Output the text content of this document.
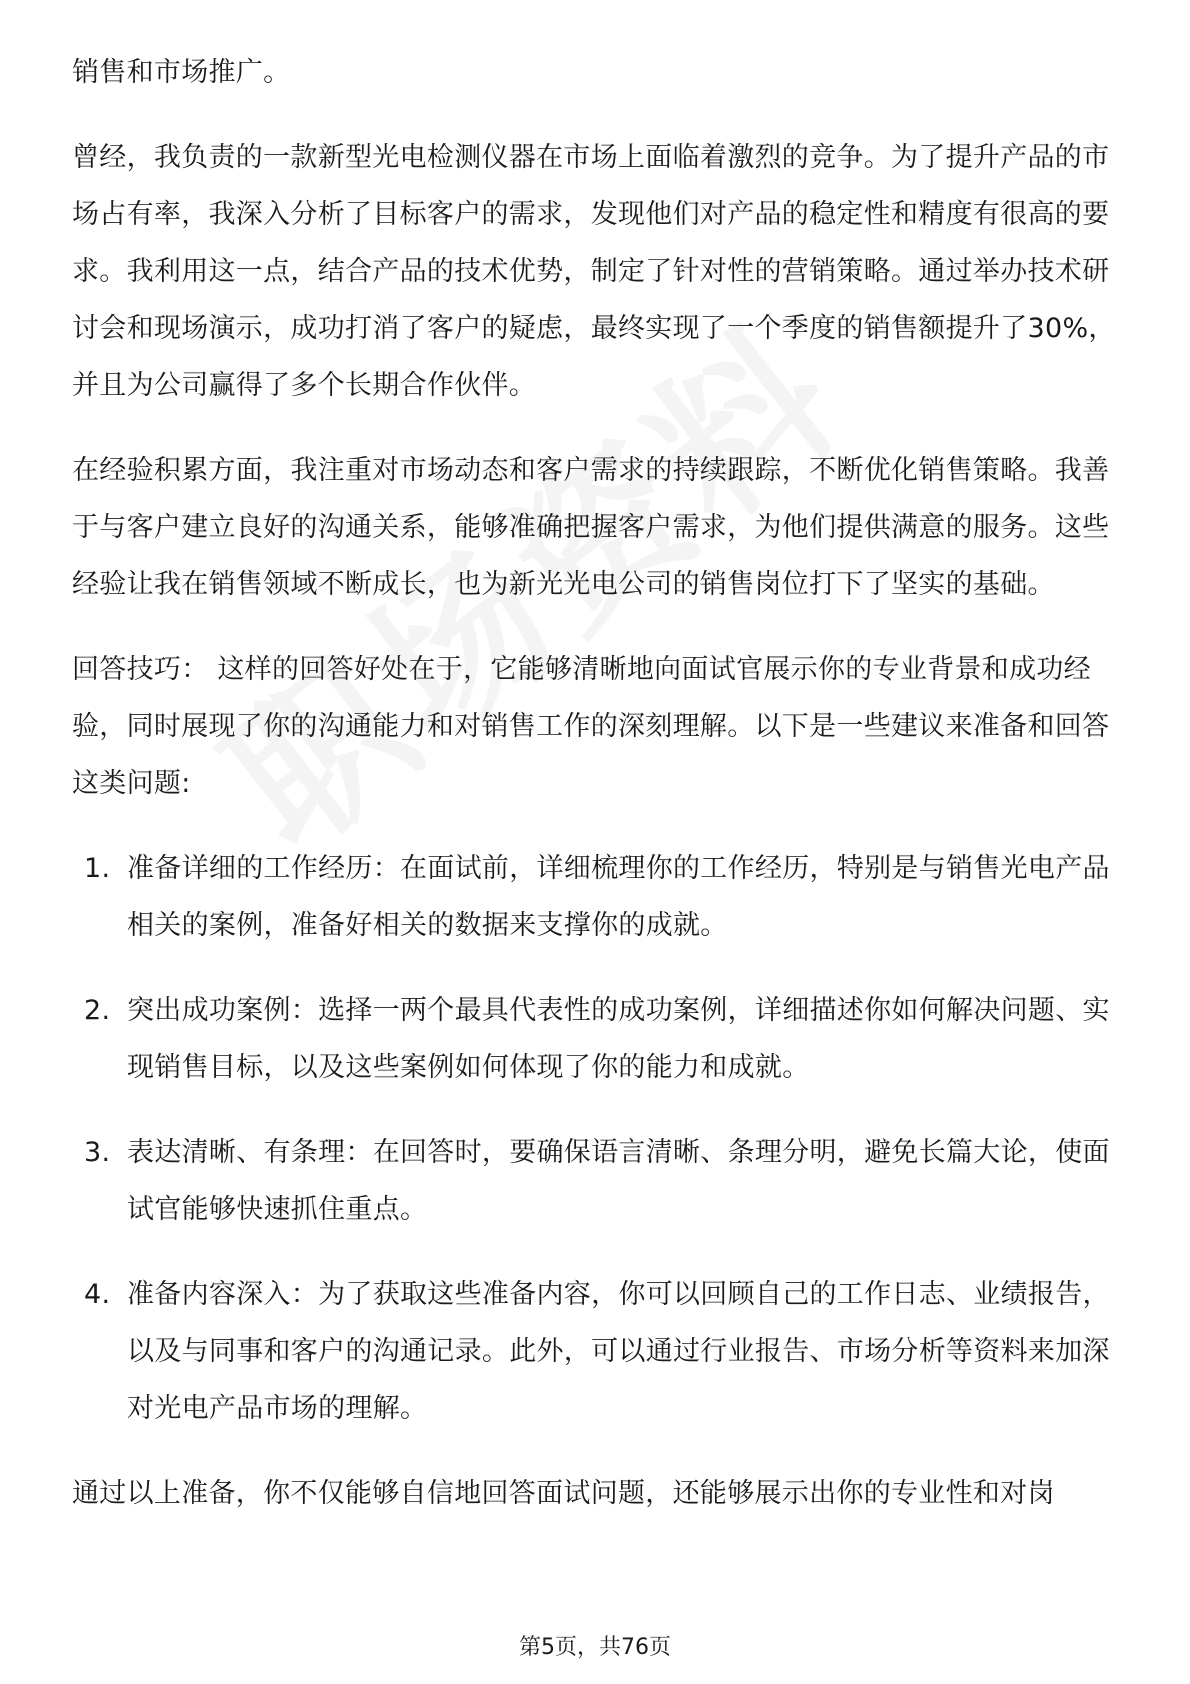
销售和市场推广。

曾经，我负责的一款新型光电检测仪器在市场上面临着激烈的竞争。为了提升产品的市场占有率，我深入分析了目标客户的需求，发现他们对产品的稳定性和精度有很高的要求。我利用这一点，结合产品的技术优势，制定了针对性的营销策略。通过举办技术研讨会和现场演示，成功打消了客户的疑虑，最终实现了一个季度的销售额提升了30%，并且为公司赢得了多个长期合作伙伴。

在经验积累方面，我注重对市场动态和客户需求的持续跟踪，不断优化销售策略。我善于与客户建立良好的沟通关系，能够准确把握客户需求，为他们提供满意的服务。这些经验让我在销售领域不断成长，也为新光光电公司的销售岗位打下了坚实的基础。

回答技巧： 这样的回答好处在于，它能够清晰地向面试官展示你的专业背景和成功经验，同时展现了你的沟通能力和对销售工作的深刻理解。以下是一些建议来准备和回答这类问题:

1. 准备详细的工作经历：在面试前，详细梳理你的工作经历，特别是与销售光电产品相关的案例，准备好相关的数据来支撑你的成就。
2. 突出成功案例：选择一两个最具代表性的成功案例，详细描述你如何解决问题、实现销售目标，以及这些案例如何体现了你的能力和成就。
3. 表达清晰、有条理：在回答时，要确保语言清晰、条理分明，避免长篇大论，使面试官能够快速抓住重点。
4. 准备内容深入：为了获取这些准备内容，你可以回顾自己的工作日志、业绩报告，以及与同事和客户的沟通记录。此外，可以通过行业报告、市场分析等资料来加深对光电产品市场的理解。

通过以上准备，你不仅能够自信地回答面试问题，还能够展示出你的专业性和对岗

第5页，共76页
